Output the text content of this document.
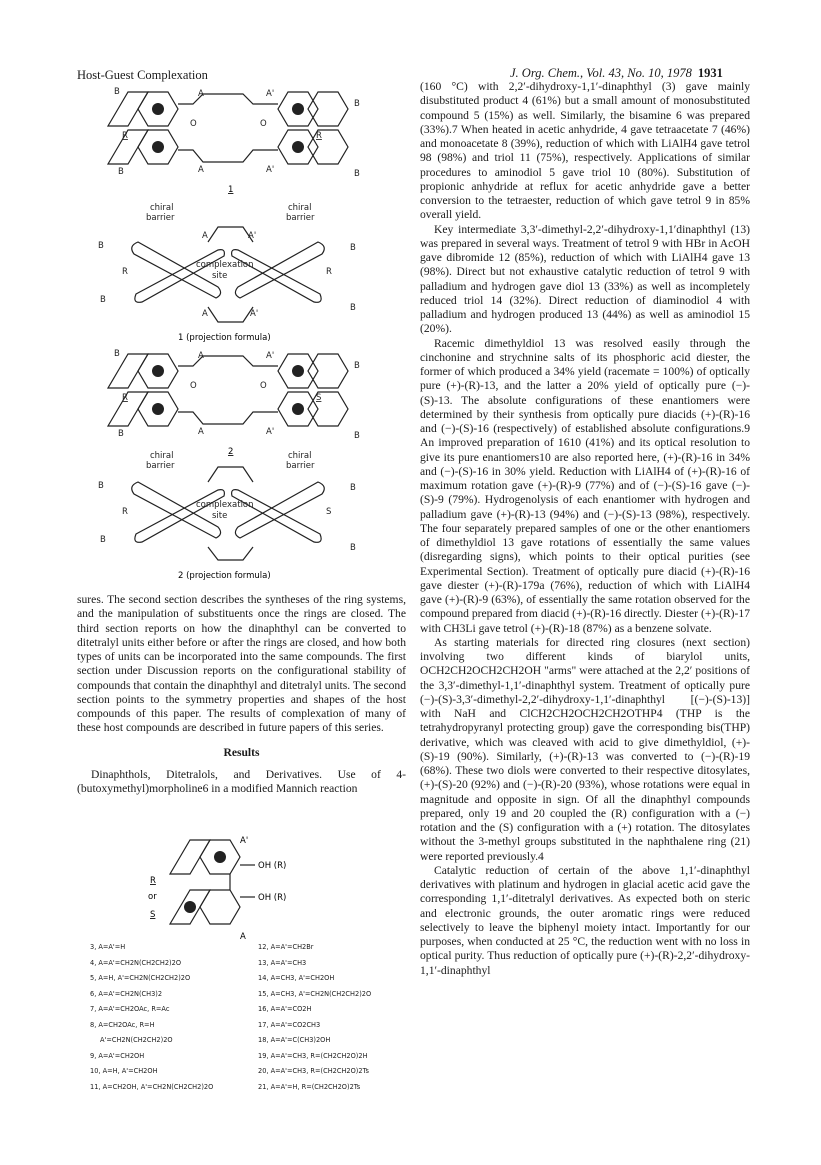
Host-Guest Complexation	J. Org. Chem., Vol. 43, No. 10, 1978 1931
B	A	A'
B
B	A	A'	B
O	O
R	R
1
chiral
barrier
chiral
barrier
complexation
site
B	B
B
B
R	R
A	A'
A	A'
1 (projection formula)
B	A	A'
B
B	A	A'	B
O	O
R	S
2
chiral
barrier
chiral
barrier
complexation
site
B	B
B
B
R	S
2 (projection formula)

sures. The second section describes the syntheses of the ring systems, and the manipulation of substituents once the rings are closed. The third section reports on how the dinaphthyl can be converted to ditetralyl units either before or after the rings are closed, and how both types of units can be incorporated into the same compounds. The first section under Discussion reports on the configurational stability of compounds that contain the dinaphthyl and ditetralyl units. The second section points to the symmetry properties and shapes of the host compounds of this paper. The results of complexation of many of these host compounds are described in future papers of this series.

Results

Dinaphthols, Ditetralols, and Derivatives. Use of 4-(butoxymethyl)morpholine6 in a modified Mannich reaction

R
or
S
OH (R)
OH (R)
A'
A
3, A=A'=H
4, A=A'=CH2N(CH2CH2)2O
5, A=H, A'=CH2N(CH2CH2)2O
6, A=A'=CH2N(CH3)2
7, A=A'=CH2OAc, R=Ac
8, A=CH2OAc, R=H
A'=CH2N(CH2CH2)2O
9, A=A'=CH2OH
10, A=H, A'=CH2OH
11, A=CH2OH, A'=CH2N(CH2CH2)2O
12, A=A'=CH2Br
13, A=A'=CH3
14, A=CH3, A'=CH2OH
15, A=CH3, A'=CH2N(CH2CH2)2O
16, A=A'=CO2H
17, A=A'=CO2CH3
18, A=A'=C(CH3)2OH
19, A=A'=CH3, R=(CH2CH2O)2H
20, A=A'=CH3, R=(CH2CH2O)2Ts
21, A=A'=H, R=(CH2CH2O)2Ts

(160 °C) with 2,2′-dihydroxy-1,1′-dinaphthyl (3) gave mainly disubstituted product 4 (61%) but a small amount of monosubstituted compound 5 (15%) as well. Similarly, the bisamine 6 was prepared (33%).7 When heated in acetic anhydride, 4 gave tetraacetate 7 (46%) and monoacetate 8 (39%), reduction of which with LiAlH4 gave tetrol 98 (98%) and triol 11 (75%), respectively. Applications of similar procedures to aminodiol 5 gave triol 10 (80%). Substitution of propionic anhydride at reflux for acetic anhydride gave a better conversion to the tetraester, reduction of which gave tetrol 9 in 85% overall yield.

Key intermediate 3,3′-dimethyl-2,2′-dihydroxy-1,1′dinaphthyl (13) was prepared in several ways. Treatment of tetrol 9 with HBr in AcOH gave dibromide 12 (85%), reduction of which with LiAlH4 gave 13 (98%). Direct but not exhaustive catalytic reduction of tetrol 9 with palladium and hydrogen gave diol 13 (33%) as well as incompletely reduced triol 14 (32%). Direct reduction of diaminodiol 4 with palladium and hydrogen produced 13 (44%) as well as aminodiol 15 (20%).

Racemic dimethyldiol 13 was resolved easily through the cinchonine and strychnine salts of its phosphoric acid diester, the former of which produced a 34% yield (racemate = 100%) of optically pure (+)-(R)-13, and the latter a 20% yield of optically pure (−)-(S)-13. The absolute configurations of these enantiomers were determined by their synthesis from optically pure diacids (+)-(R)-16 and (−)-(S)-16 (respectively) of established absolute configurations.9 An improved preparation of 1610 (41%) and its optical resolution to give its pure enantiomers10 are also reported here, (+)-(R)-16 in 34% and (−)-(S)-16 in 30% yield. Reduction with LiAlH4 of (+)-(R)-16 of maximum rotation gave (+)-(R)-9 (77%) and of (−)-(S)-16 gave (−)-(S)-9 (79%). Hydrogenolysis of each enantiomer with hydrogen and palladium gave (+)-(R)-13 (94%) and (−)-(S)-13 (98%), respectively. The four separately prepared samples of one or the other enantiomers of dimethyldiol 13 gave rotations of essentially the same values (disregarding signs), which points to their optical purities (see Experimental Section). Treatment of optically pure diacid (+)-(R)-16 gave diester (+)-(R)-179a (76%), reduction of which with LiAlH4 gave (+)-(R)-9 (63%), of essentially the same rotation observed for the compound prepared from diacid (+)-(R)-16 directly. Diester (+)-(R)-17 with CH3Li gave tetrol (+)-(R)-18 (87%) as a benzene solvate.

As starting materials for directed ring closures (next section) involving two different kinds of biarylol units, OCH2CH2OCH2CH2OH "arms" were attached at the 2,2′ positions of the 3,3′-dimethyl-1,1′-dinaphthyl system. Treatment of optically pure (−)-(S)-3,3′-dimethyl-2,2′-dihydroxy-1,1′-dinaphthyl [(−)-(S)-13)] with NaH and ClCH2CH2OCH2CH2OTHP4 (THP is the tetrahydropyranyl protecting group) gave the corresponding bis(THP) derivative, which was cleaved with acid to give dimethyldiol, (+)-(S)-19 (90%). Similarly, (+)-(R)-13 was converted to (−)-(R)-19 (68%). These two diols were converted to their respective ditosylates, (+)-(S)-20 (92%) and (−)-(R)-20 (93%), whose rotations were equal in magnitude and opposite in sign. Of all the dinaphthyl compounds prepared, only 19 and 20 coupled the (R) configuration with a (−) rotation and the (S) configuration with a (+) rotation. The ditosylates without the 3-methyl groups substituted in the naphthalene ring (21) were reported previously.4

Catalytic reduction of certain of the above 1,1′-dinaphthyl derivatives with platinum and hydrogen in glacial acetic acid gave the corresponding 1,1′-ditetralyl derivatives. As expected both on steric and electronic grounds, the outer aromatic rings were reduced selectively to leave the biphenyl moiety intact. Importantly for our purposes, when conducted at 25 °C, the reduction went with no loss in optical purity. Thus reduction of optically pure (+)-(R)-2,2′-dihydroxy-1,1′-dinaphthyl
